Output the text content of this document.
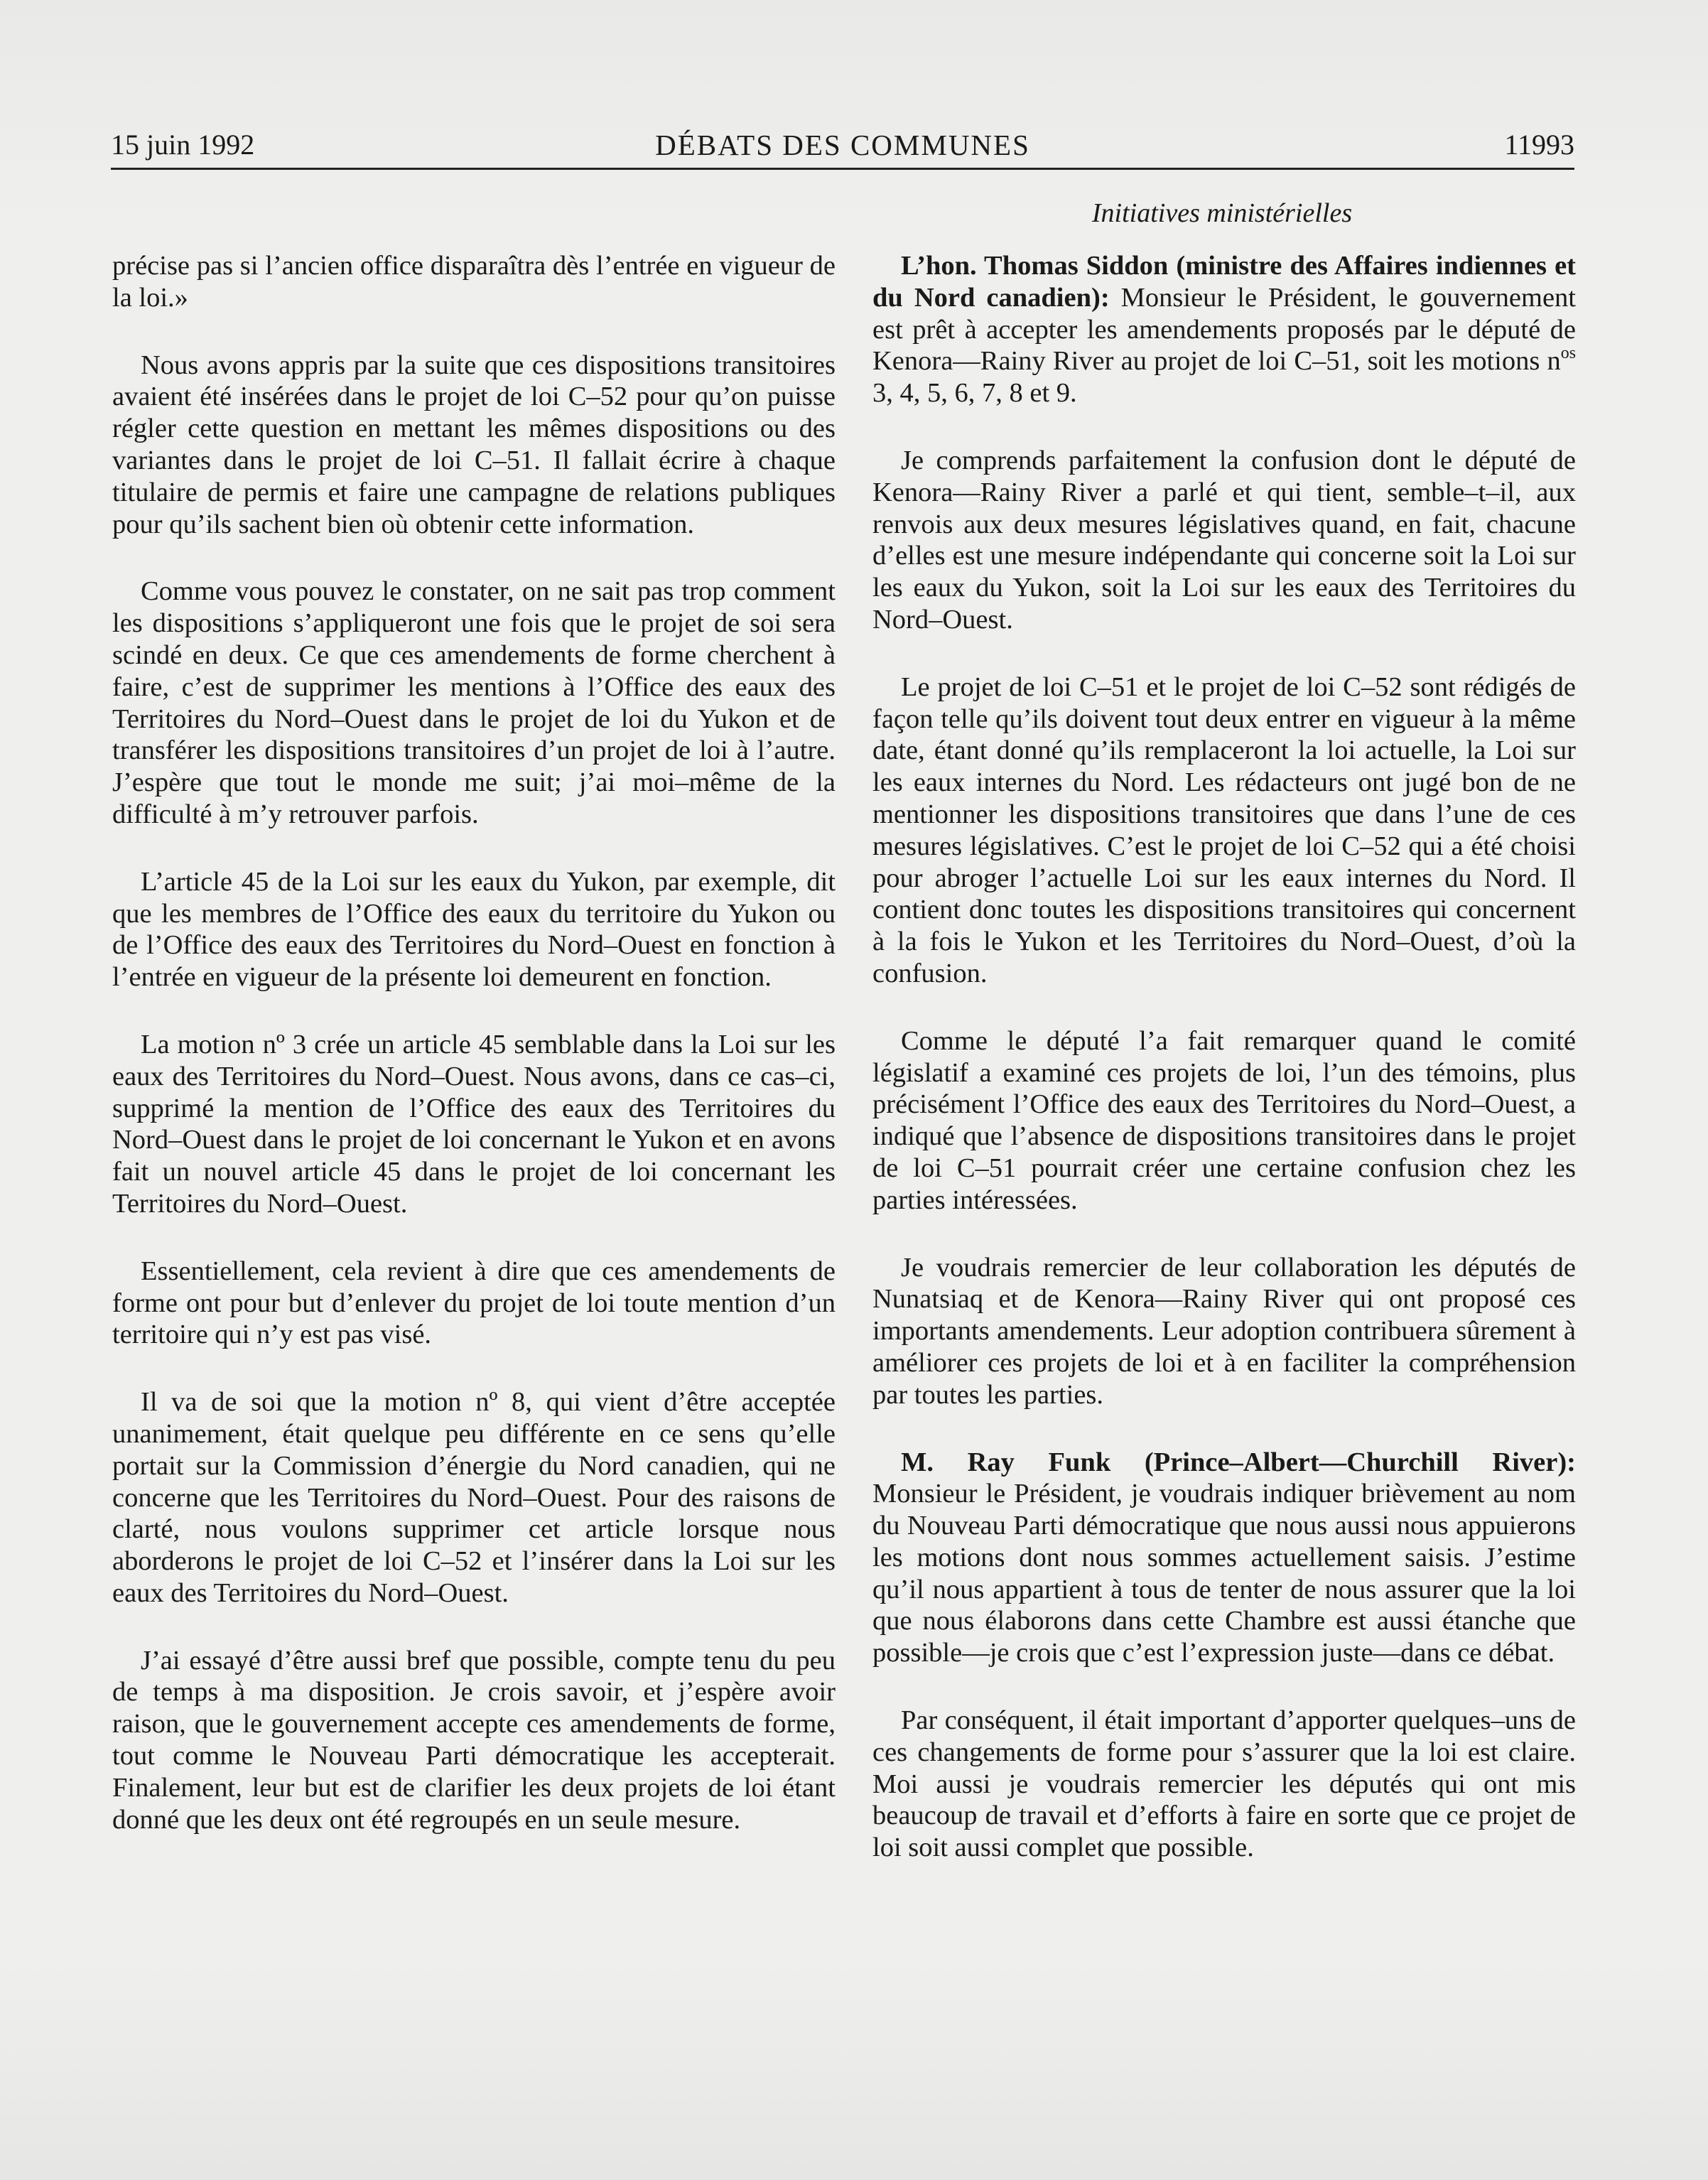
15 juin 1992	DÉBATS DES COMMUNES	11993
Initiatives ministérielles

précise pas si l’ancien office disparaîtra dès l’entrée en vigueur de la loi.»

Nous avons appris par la suite que ces dispositions transitoires avaient été insérées dans le projet de loi C–52 pour qu’on puisse régler cette question en mettant les mêmes dispositions ou des variantes dans le projet de loi C–51. Il fallait écrire à chaque titulaire de permis et faire une campagne de relations publiques pour qu’ils sachent bien où obtenir cette information.

Comme vous pouvez le constater, on ne sait pas trop comment les dispositions s’appliqueront une fois que le projet de soi sera scindé en deux. Ce que ces amendements de forme cherchent à faire, c’est de supprimer les mentions à l’Office des eaux des Territoires du Nord–Ouest dans le projet de loi du Yukon et de transférer les dispositions transitoires d’un projet de loi à l’autre. J’espère que tout le monde me suit; j’ai moi–même de la difficulté à m’y retrouver parfois.

L’article 45 de la Loi sur les eaux du Yukon, par exemple, dit que les membres de l’Office des eaux du territoire du Yukon ou de l’Office des eaux des Territoires du Nord–Ouest en fonction à l’entrée en vigueur de la présente loi demeurent en fonction.

La motion nº 3 crée un article 45 semblable dans la Loi sur les eaux des Territoires du Nord–Ouest. Nous avons, dans ce cas–ci, supprimé la mention de l’Office des eaux des Territoires du Nord–Ouest dans le projet de loi concernant le Yukon et en avons fait un nouvel article 45 dans le projet de loi concernant les Territoires du Nord–Ouest.

Essentiellement, cela revient à dire que ces amendements de forme ont pour but d’enlever du projet de loi toute mention d’un territoire qui n’y est pas visé.

Il va de soi que la motion nº 8, qui vient d’être acceptée unanimement, était quelque peu différente en ce sens qu’elle portait sur la Commission d’énergie du Nord canadien, qui ne concerne que les Territoires du Nord–Ouest. Pour des raisons de clarté, nous voulons supprimer cet article lorsque nous aborderons le projet de loi C–52 et l’insérer dans la Loi sur les eaux des Territoires du Nord–Ouest.

J’ai essayé d’être aussi bref que possible, compte tenu du peu de temps à ma disposition. Je crois savoir, et j’espère avoir raison, que le gouvernement accepte ces amendements de forme, tout comme le Nouveau Parti démocratique les accepterait. Finalement, leur but est de clarifier les deux projets de loi étant donné que les deux ont été regroupés en un seule mesure.

L’hon. Thomas Siddon (ministre des Affaires indiennes et du Nord canadien): Monsieur le Président, le gouvernement est prêt à accepter les amendements proposés par le député de Kenora—Rainy River au projet de loi C–51, soit les motions $n^{os}$ 3, 4, 5, 6, 7, 8 et 9.

Je comprends parfaitement la confusion dont le député de Kenora—Rainy River a parlé et qui tient, semble–t–il, aux renvois aux deux mesures législatives quand, en fait, chacune d’elles est une mesure indépendante qui concerne soit la Loi sur les eaux du Yukon, soit la Loi sur les eaux des Territoires du Nord–Ouest.

Le projet de loi C–51 et le projet de loi C–52 sont rédigés de façon telle qu’ils doivent tout deux entrer en vigueur à la même date, étant donné qu’ils remplaceront la loi actuelle, la Loi sur les eaux internes du Nord. Les rédacteurs ont jugé bon de ne mentionner les dispositions transitoires que dans l’une de ces mesures législatives. C’est le projet de loi C–52 qui a été choisi pour abroger l’actuelle Loi sur les eaux internes du Nord. Il contient donc toutes les dispositions transitoires qui concernent à la fois le Yukon et les Territoires du Nord–Ouest, d’où la confusion.

Comme le député l’a fait remarquer quand le comité législatif a examiné ces projets de loi, l’un des témoins, plus précisément l’Office des eaux des Territoires du Nord–Ouest, a indiqué que l’absence de dispositions transitoires dans le projet de loi C–51 pourrait créer une certaine confusion chez les parties intéressées.

Je voudrais remercier de leur collaboration les députés de Nunatsiaq et de Kenora—Rainy River qui ont proposé ces importants amendements. Leur adoption contribuera sûrement à améliorer ces projets de loi et à en faciliter la compréhension par toutes les parties.

M. Ray Funk (Prince–Albert—Churchill River): Monsieur le Président, je voudrais indiquer brièvement au nom du Nouveau Parti démocratique que nous aussi nous appuierons les motions dont nous sommes actuellement saisis. J’estime qu’il nous appartient à tous de tenter de nous assurer que la loi que nous élaborons dans cette Chambre est aussi étanche que possible—je crois que c’est l’expression juste—dans ce débat.

Par conséquent, il était important d’apporter quelques–uns de ces changements de forme pour s’assurer que la loi est claire. Moi aussi je voudrais remercier les députés qui ont mis beaucoup de travail et d’efforts à faire en sorte que ce projet de loi soit aussi complet que possible.
